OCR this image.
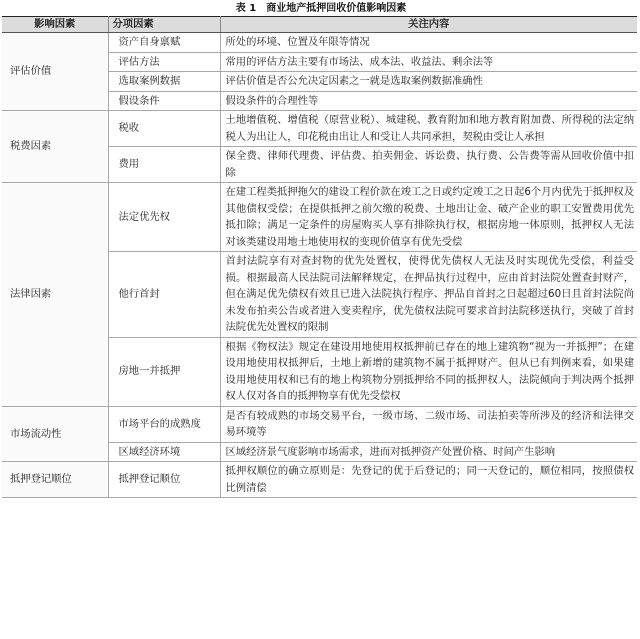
表 1　商业地产抵押回收价值影响因素
影响因素	分项因素	关注内容
评估价值	资产自身禀赋	所处的环境、位置及年限等情况
	评估方法	常用的评估方法主要有市场法、成本法、收益法、剩余法等
	选取案例数据	评估价值是否公允决定因素之一就是选取案例数据准确性
	假设条件	假设条件的合理性等
税费因素	税收	土地增值税、增值税（原营业税）、城建税、教育附加和地方教育附加费、所得税的法定纳税人为出让人，印花税由出让人和受让人共同承担，契税由受让人承担
	费用	保全费、律师代理费、评估费、拍卖佣金、诉讼费、执行费、公告费等需从回收价值中扣除
法律因素	法定优先权	在建工程类抵押拖欠的建设工程价款在竣工之日或约定竣工之日起6个月内优先于抵押权及其他债权受偿；在提供抵押之前欠缴的税费、土地出让金、破产企业的职工安置费用优先抵扣除；满足一定条件的房屋购买人享有排除执行权，根据房地一体原则，抵押权人无法对该类建设用地土地使用权的变现价值享有优先受偿
	他行首封	首封法院享有对查封物的优先处置权，使得优先债权人无法及时实现优先受偿，利益受损。根据最高人民法院司法解释规定，在押品执行过程中，应由首封法院处置查封财产，但在满足优先债权有效且已进入法院执行程序、押品自首封之日起超过60日且首封法院尚未发布拍卖公告或者进入变卖程序，优先债权法院可要求首封法院移送执行，突破了首封法院优先处置权的限制
	房地一并抵押	根据《物权法》规定在建设用地使用权抵押前已存在的地上建筑物“视为一并抵押”；在建设用地使用权抵押后，土地上新增的建筑物不属于抵押财产。但从已有判例来看，如果建设用地使用权和已有的地上构筑物分别抵押给不同的抵押权人，法院倾向于判决两个抵押权人仅对各自的抵押物享有优先受偿权
市场流动性	市场平台的成熟度	是否有较成熟的市场交易平台，一级市场、二级市场、司法拍卖等所涉及的经济和法律交易环境等
	区域经济环境	区域经济景气度影响市场需求，进而对抵押资产处置价格、时间产生影响
抵押登记顺位	抵押登记顺位	抵押权顺位的确立原则是：先登记的优于后登记的；同一天登记的，顺位相同，按照债权比例清偿
